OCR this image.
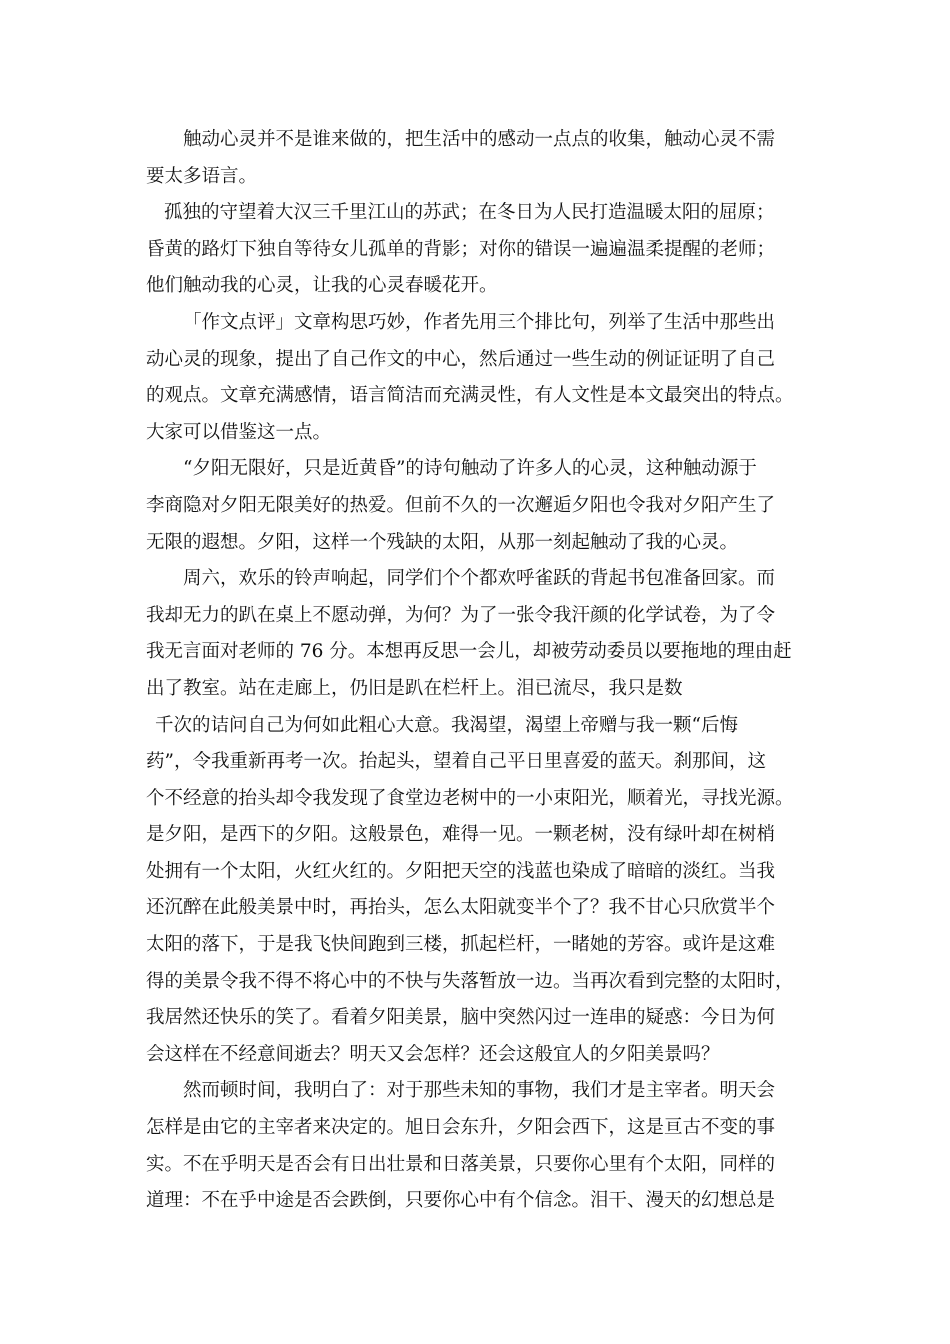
触动心灵并不是谁来做的，把生活中的感动一点点的收集，触动心灵不需
要太多语言。
孤独的守望着大汉三千里江山的苏武；在冬日为人民打造温暖太阳的屈原；
昏黄的路灯下独自等待女儿孤单的背影；对你的错误一遍遍温柔提醒的老师；
他们触动我的心灵，让我的心灵春暖花开。
「作文点评」文章构思巧妙，作者先用三个排比句，列举了生活中那些出
动心灵的现象，提出了自己作文的中心，然后通过一些生动的例证证明了自己
的观点。文章充满感情，语言简洁而充满灵性，有人文性是本文最突出的特点。
大家可以借鉴这一点。
“夕阳无限好，只是近黄昏”的诗句触动了许多人的心灵，这种触动源于
李商隐对夕阳无限美好的热爱。但前不久的一次邂逅夕阳也令我对夕阳产生了
无限的遐想。夕阳，这样一个残缺的太阳，从那一刻起触动了我的心灵。
周六，欢乐的铃声响起，同学们个个都欢呼雀跃的背起书包准备回家。而
我却无力的趴在桌上不愿动弹，为何？为了一张令我汗颜的化学试卷，为了令
我无言面对老师的 76 分。本想再反思一会儿，却被劳动委员以要拖地的理由赶
出了教室。站在走廊上，仍旧是趴在栏杆上。泪已流尽，我只是数
千次的诘问自己为何如此粗心大意。我渴望，渴望上帝赠与我一颗“后悔
药”，令我重新再考一次。抬起头，望着自己平日里喜爱的蓝天。刹那间，这
个不经意的抬头却令我发现了食堂边老树中的一小束阳光，顺着光，寻找光源。
是夕阳，是西下的夕阳。这般景色，难得一见。一颗老树，没有绿叶却在树梢
处拥有一个太阳，火红火红的。夕阳把天空的浅蓝也染成了暗暗的淡红。当我
还沉醉在此般美景中时，再抬头，怎么太阳就变半个了？我不甘心只欣赏半个
太阳的落下，于是我飞快间跑到三楼，抓起栏杆，一睹她的芳容。或许是这难
得的美景令我不得不将心中的不快与失落暂放一边。当再次看到完整的太阳时，
我居然还快乐的笑了。看着夕阳美景，脑中突然闪过一连串的疑惑：今日为何
会这样在不经意间逝去？明天又会怎样？还会这般宜人的夕阳美景吗？
然而顿时间，我明白了：对于那些未知的事物，我们才是主宰者。明天会
怎样是由它的主宰者来决定的。旭日会东升，夕阳会西下，这是亘古不变的事
实。不在乎明天是否会有日出壮景和日落美景，只要你心里有个太阳，同样的
道理：不在乎中途是否会跌倒，只要你心中有个信念。泪干、漫天的幻想总是
